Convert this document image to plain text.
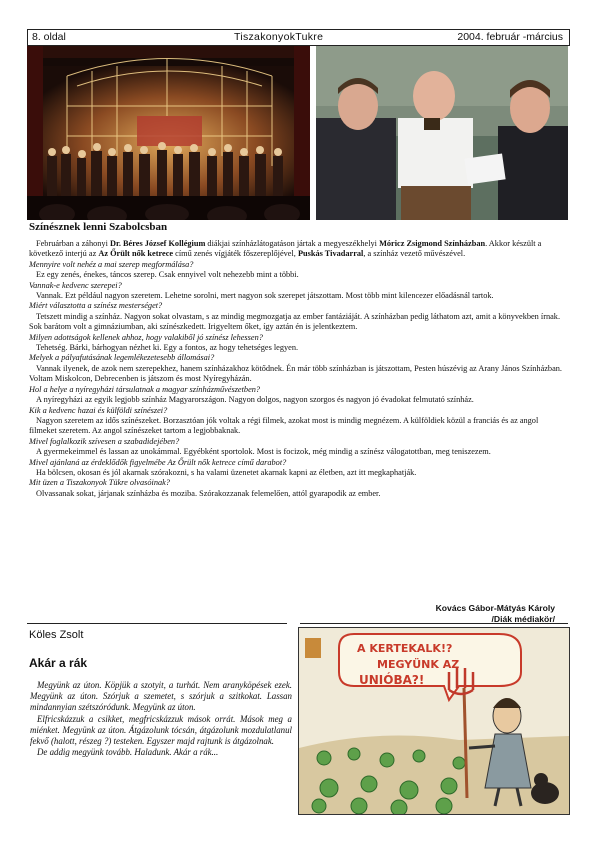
8. oldal	TiszakonyokTukre	2004. február -március
Színésznek lenni Szabolcsban

Februárban a záhonyi Dr. Béres József Kollégium diákjai színházlátogatáson jártak a megyeszékhelyi Móricz Zsigmond Színházban. Akkor készült a következő interjú az Az Őrült nők ketrece című zenés vígjáték főszereplőjével, Puskás Tivadarral, a színház vezető művészével.

Mennyire volt nehéz a mai szerep megformálása?

Ez egy zenés, énekes, táncos szerep. Csak ennyivel volt nehezebb mint a többi.

Vannak-e kedvenc szerepei?

Vannak. Ezt például nagyon szeretem. Lehetne sorolni, mert nagyon sok szerepet játszottam. Most több mint kilencezer előadásnál tartok.

Miért választotta a színész mesterséget?

Tetszett mindig a színház. Nagyon sokat olvastam, s az mindig megmozgatja az ember fantáziáját. A színházban pedig láthatom azt, amit a könyvekben írnak. Sok barátom volt a gimnáziumban, aki színészkedett. Irigyeltem őket, így aztán én is jelentkeztem.

Milyen adottságok kellenek ahhoz, hogy valakiből jó színész lehessen?

Tehetség. Bárki, bárhogyan nézhet ki. Egy a fontos, az hogy tehetséges legyen.

Melyek a pályafutásának legemlékezetesebb állomásai?

Vannak ilyenek, de azok nem szerepekhez, hanem színházakhoz kötődnek. Én már több színházban is játszottam, Pesten húszévig az Arany János Színházban. Voltam Miskolcon, Debrecenben is játszom és most Nyíregyházán.

Hol a helye a nyíregyházi társulatnak a magyar színházművészetben?

A nyíregyházi az egyik legjobb színház Magyarországon. Nagyon dolgos, nagyon szorgos és nagyon jó évadokat felmutató színház.

Kik a kedvenc hazai és külföldi színészei?

Nagyon szeretem az idős színészeket. Borzasztóan jók voltak a régi filmek, azokat most is mindig megnézem. A külföldiek közül a franciás és az angol filmeket szeretem. Az angol színészeket tartom a legjobbaknak.

Mivel foglalkozik szívesen a szabadidejében?

A gyermekeimmel és lassan az unokámmal. Egyébként sportolok. Most is focizok, még mindig a színész válogatottban, meg teniszezem.

Mivel ajánlaná az érdeklődők figyelmébe Az Őrült nők ketrece című darabot?

Ha bölcsen, okosan és jól akarnak szórakozni, s ha valami üzenetet akarnak kapni az életben, azt itt megkaphatják.

Mit üzen a Tiszakonyok Tükre olvasóinak?

Olvassanak sokat, járjanak színházba és moziba. Szórakozzanak felemelően, attól gyarapodik az ember.

Kovács Gábor-Mátyás Károly
/Diák médiakör/
Köles Zsolt
Akár a rák

Megyünk az úton. Köpjük a szotyit, a turhát. Nem aranyköpések ezek. Megyünk az úton. Szórjuk a szemetet, s szórjuk a szitkokat. Lassan mindannyian szétszóródunk. Megyünk az úton.

Elfricskázzuk a csikket, megfricskázzuk mások orrát. Mások meg a miénket. Megyünk az úton. Átgázolunk tócsán, átgázolunk mozdulatlanul fekvő (halott, részeg ?) testeken. Egyszer majd rajtunk is átgázolnak.

De addig megyünk tovább. Haladunk. Akár a rák...

A KERTEKALK!?
MEGYÜNK AZ
UNIÓBA?!
